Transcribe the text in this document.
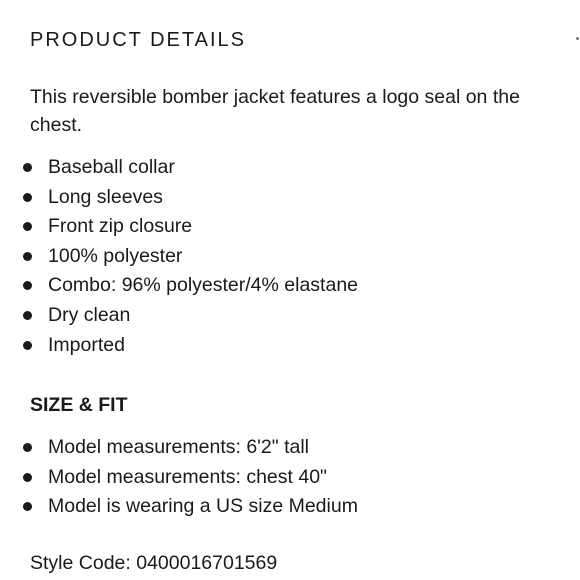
PRODUCT DETAILS

This reversible bomber jacket features a logo seal on the chest.

Baseball collar
Long sleeves
Front zip closure
100% polyester
Combo: 96% polyester/4% elastane
Dry clean
Imported
SIZE & FIT
Model measurements: 6'2" tall
Model measurements: chest 40"
Model is wearing a US size Medium

Style Code: 0400016701569
